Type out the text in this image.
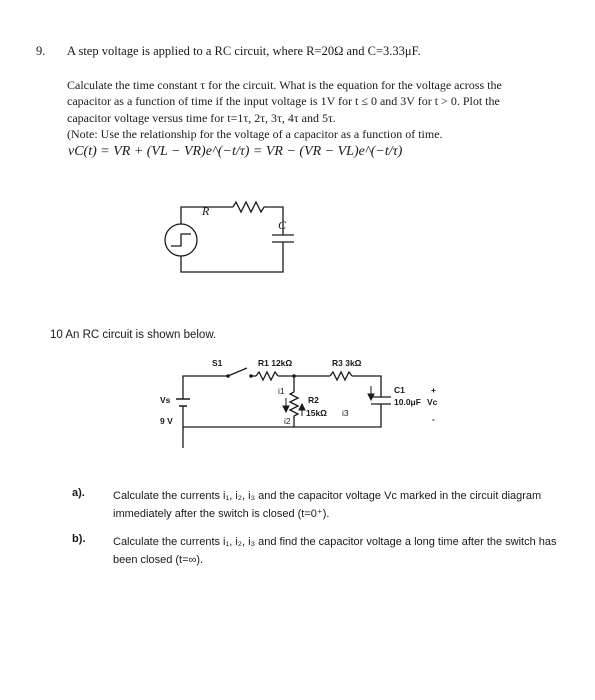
9. A step voltage is applied to a RC circuit, where R=20Ω and C=3.33μF.
Calculate the time constant τ for the circuit. What is the equation for the voltage across the
capacitor as a function of time if the input voltage is 1V for t ≤ 0 and 3V for t > 0. Plot the
capacitor voltage versus time for t=1τ, 2τ, 3τ, 4τ and 5τ.
(Note: Use the relationship for the voltage of a capacitor as a function of time.
vC(t) = VR + (VL − VR)e^(−t/τ) = VR − (VR − VL)e^(−t/τ)
R
C
S1	R1 12kΩ	R3 3kΩ
Vs
9 V
i1
i2
R2
15kΩ i3
C1
10.0μF Vc
+
-
10 An RC circuit is shown below.
a).	Calculate the currents i₁, i₂, i₃ and the capacitor voltage Vc marked in the circuit diagram immediately after the switch is closed (t=0⁺).
b).	Calculate the currents i₁, i₂, i₃ and find the capacitor voltage a long time after the switch has been closed (t=∞).
